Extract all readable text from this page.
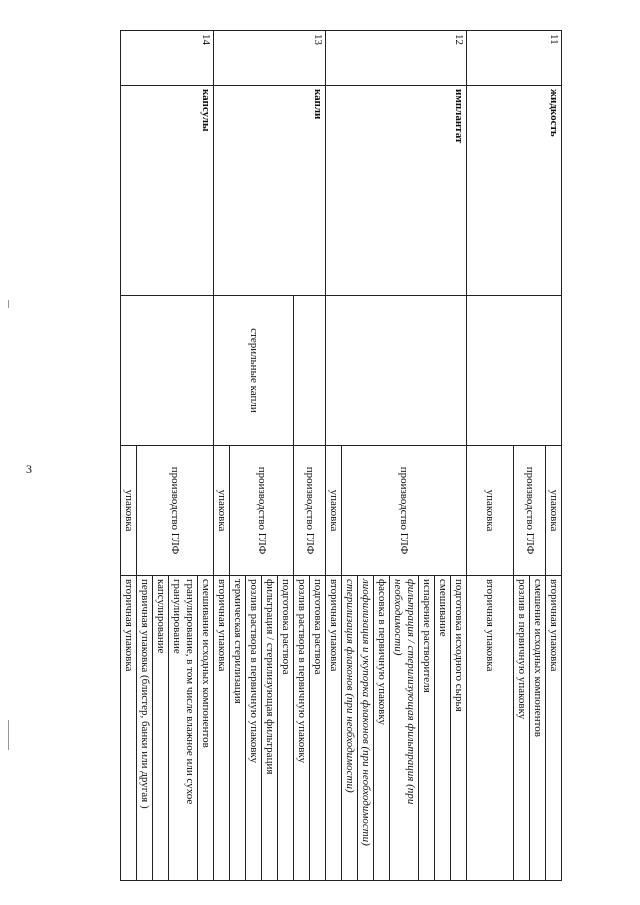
3
11	жидкость		упаковка	вторичная упаковка
			производство ГЛФ	смешение исходных компонентов
				розлив в первичную упаковку
			упаковка	вторичная упаковка
12	имплантат		производство ГЛФ	подготовка исходного сырья
				смешивание
				испарение растворителя
				фильтрация / стерилизующая фильтрация (при необходимости)
				фасовка в первичную упаковку
				лиофилизация и укупорка флаконов (при необходимости)
				стерилизация флаконов (при необходимости)
			упаковка	вторичная упаковка
13	капли		производство ГЛФ	подготовка раствора
				розлив раствора в первичную упаковку
		стерильные капли	производство ГЛФ	подготовка раствора
				фильтрация / стерилизующая фильтрация
				розлив раствора в первичную упаковку
				термическая стерилизация
			упаковка	вторичная упаковка
14	капсулы		производство ГЛФ	смешивание исходных компонентов
				гранулирование, в том числе влажное или сухое гранулирование
				капсулирование
				первичная упаковка (блистер, банки или другая )
			упаковка	вторичная упаковка
